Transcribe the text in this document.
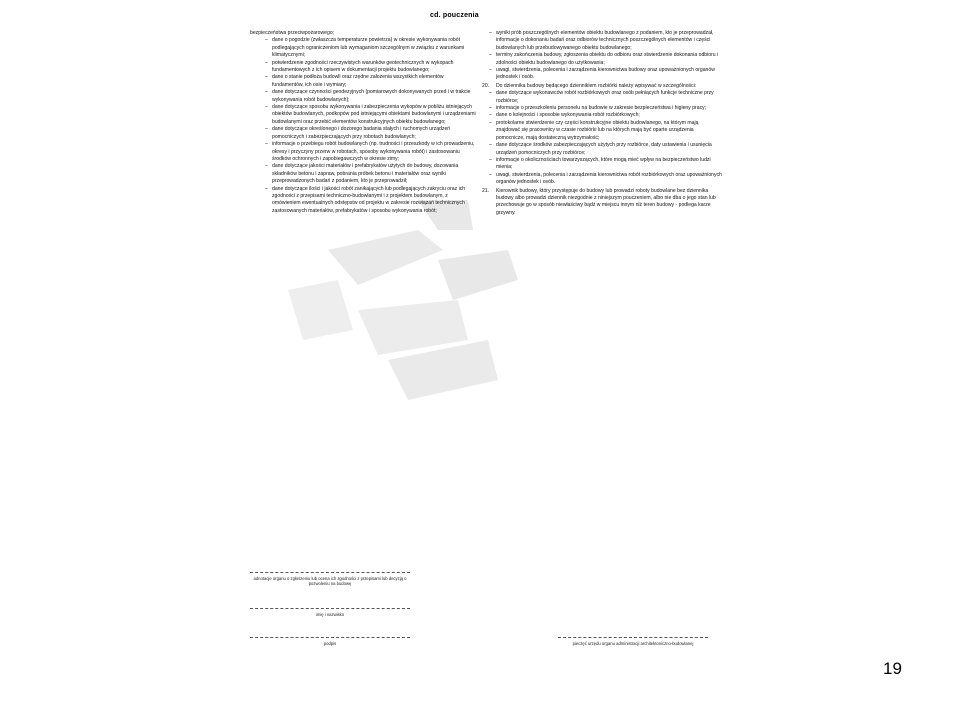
cd. pouczenia

bezpieczeństwa przeciwpożarowego;

– dane o pogodzie (zwłaszcza temperaturze powietrza) w okresie wykonywania robót podlegających ograniczeniom lub wymaganiom szczególnym w związku z warunkami klimatycznymi;
– potwierdzenie zgodności rzeczywistych warunków geotechnicznych w wykopach fundamentowych z ich opisem w dokumentacji projektu budowlanego;
– dane o stanie podłoża budowli oraz rzędne założenia wszystkich elementów fundamentów, ich osie i wymiary;
– dane dotyczące czynności geodezyjnych (pomiarowych dokonywanych przed i w trakcie wykonywania robót budowlanych);
– dane dotyczące sposobu wykonywania i zabezpieczenia wykopów w pobliżu istniejących obiektów budowlanych, podkopów pod istniejącymi obiektami budowlanymi i urządzeniami budowlanymi oraz przebić elementów konstrukcyjnych obiektu budowlanego;
– dane dotyczące określonego i dozorego badania stałych i ruchomych urządzeń pomocniczych i zabezpieczających przy robotach budowlanych;
– informacje o przebiegu robót budowlanych (np. trudności i przeszkody w ich prowadzeniu, okresy i przyczyny przerw w robotach, sposoby wykonywania robót) i zastosowaniu środków ochronnych i zapobiegawczych w okresie zimy;
– dane dotyczące jakości materiałów i prefabrykatów użytych do budowy, dozowania składników betonu i zapraw, pobrania próbek betonu i materiałów oraz wyniki przeprowadzonych badań z podaniem, kto je przeprowadził;
– dane dotyczące ilości i jakości robót zanikających lub podlegających zakryciu oraz ich zgodności z przepisami techniczno-budowlanymi i z projektem budowlanym, z omówieniem ewentualnych odstępstw od projektu w zakresie rozwiązań technicznych zastosowanych materiałów, prefabrykatów i sposobu wykonywania robót;
– wyniki prób poszczególnych elementów obiektu budowlanego z podaniem, kto je przeprowadzał, informacje o dokonaniu badań oraz odbiorów technicznych poszczególnych elementów i części budowlanych lub przebudowywanego obiektu budowlanego;
– terminy zakończenia budowy, zgłoszenia obiektu do odbioru oraz stwierdzenie dokonania odbioru i zdolności obiektu budowlanego do użytkowania;
– uwagi, stwierdzenia, polecenia i zarządzenia kierownictwa budowy oraz upoważnionych organów jednostek i osób.
20. Do dziennika budowy będącego dziennikiem rozbiórki należy wpisywać w szczególności:
– dane dotyczące wykonawców robót rozbiórkowych oraz osób pełniących funkcje techniczne przy rozbiórce;
– informacje o przeszkoleniu personelu na budowie w zakresie bezpieczeństwa i higieny pracy;
– dane o kolejności i sposobie wykonywania robót rozbiórkowych;
– protokolarne stwierdzenie czy części konstrukcyjne obiektu budowlanego, na którym mają znajdować się pracownicy w czasie rozbiórki lub na których mają być oparte urządzenia pomocnicze, mają dostateczną wytrzymałość;
– dane dotyczące środków zabezpieczających użytych przy rozbiórce, daty ustawienia i usunięcia urządzeń pomocniczych przy rozbiórce;
– informacje o okolicznościach towarzyszących, które mogą mieć wpływ na bezpieczeństwo ludzi mienia;
– uwagi, stwierdzenia, polecenia i zarządzenia kierownictwa robót rozbiórkowych oraz upoważnionych organów jednostek i osób.
21. Kierownik budowy, który przystępuje do budowy lub prowadzi roboty budowlane bez dziennika budowy albo prowadzi dziennik niezgodnie z niniejszym pouczeniem, albo nie dba o jego stan lub przechowuje go w sposób niewłaściwy bądź w miejscu innym niż teren budowy - podlega karze grzywny.
adnotacje organu o zgłoszeniu lub ocena ich zgodności z przepisami lub decyzją o pozwoleniu na budowę
imię i nazwisko
podpis	pieczęć urzędu organu administracji architektoniczno-budowlanej
19
